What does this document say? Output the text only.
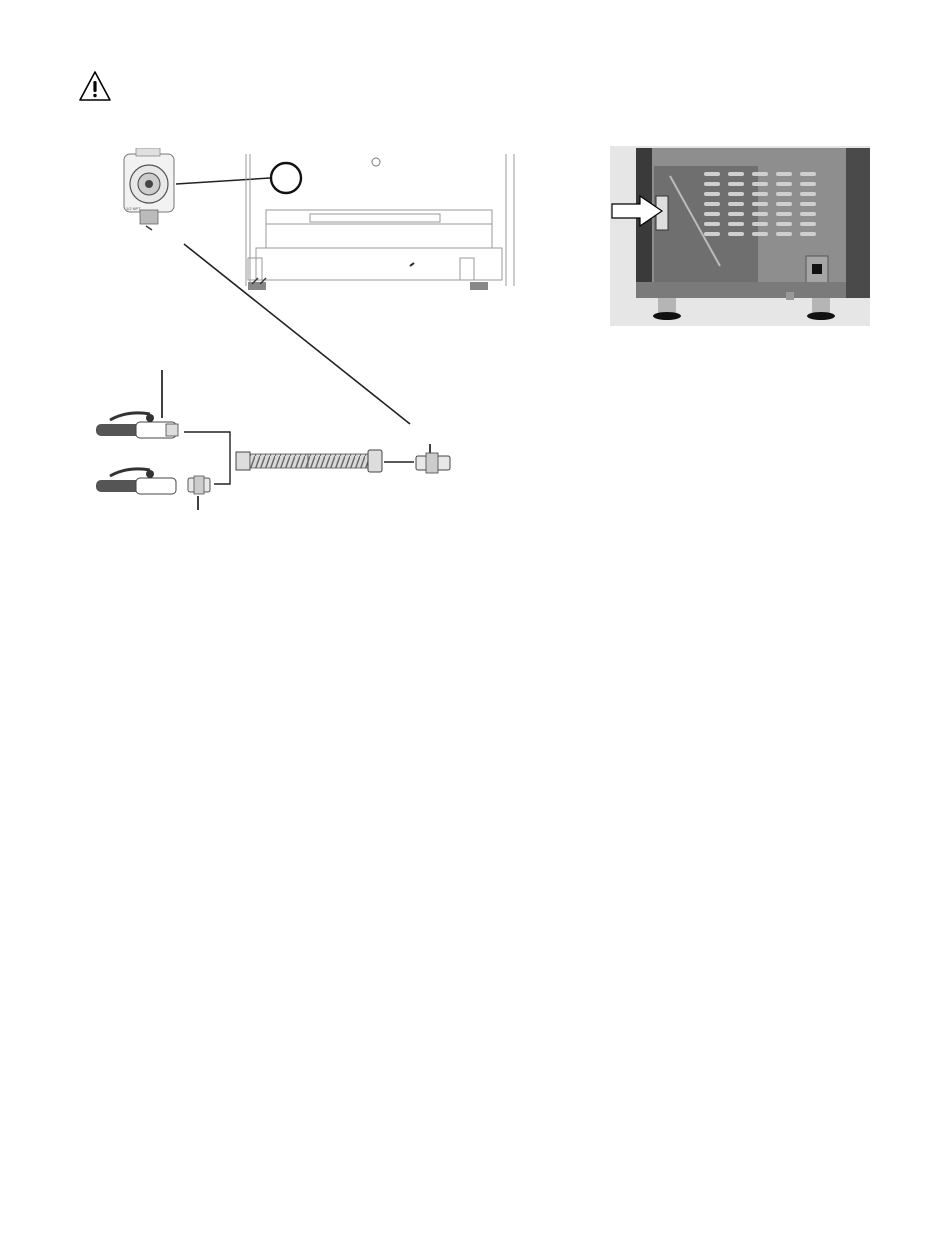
1/2 NPT
